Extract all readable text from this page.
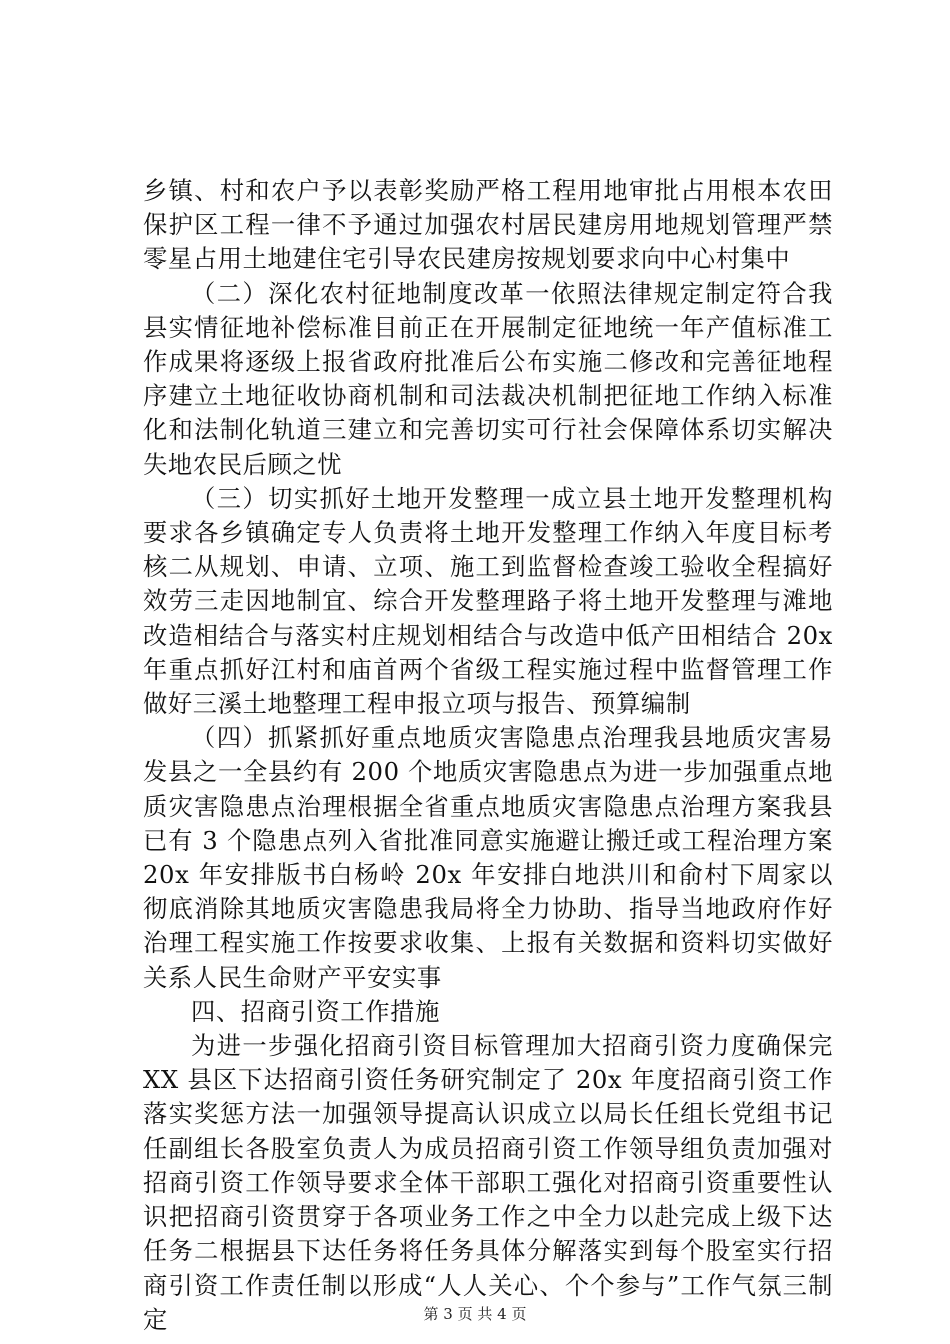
乡镇、村和农户予以表彰奖励严格工程用地审批占用根本农田保护区工程一律不予通过加强农村居民建房用地规划管理严禁零星占用土地建住宅引导农民建房按规划要求向中心村集中

（二）深化农村征地制度改革一依照法律规定制定符合我县实情征地补偿标准目前正在开展制定征地统一年产值标准工作成果将逐级上报省政府批准后公布实施二修改和完善征地程序建立土地征收协商机制和司法裁决机制把征地工作纳入标准化和法制化轨道三建立和完善切实可行社会保障体系切实解决失地农民后顾之忧

（三）切实抓好土地开发整理一成立县土地开发整理机构要求各乡镇确定专人负责将土地开发整理工作纳入年度目标考核二从规划、申请、立项、施工到监督检查竣工验收全程搞好效劳三走因地制宜、综合开发整理路子将土地开发整理与滩地改造相结合与落实村庄规划相结合与改造中低产田相结合 20x 年重点抓好江村和庙首两个省级工程实施过程中监督管理工作做好三溪土地整理工程申报立项与报告、预算编制

（四）抓紧抓好重点地质灾害隐患点治理我县地质灾害易发县之一全县约有 200 个地质灾害隐患点为进一步加强重点地质灾害隐患点治理根据全省重点地质灾害隐患点治理方案我县已有 3 个隐患点列入省批准同意实施避让搬迁或工程治理方案 20x 年安排版书白杨岭 20x 年安排白地洪川和俞村下周家以彻底消除其地质灾害隐患我局将全力协助、指导当地政府作好治理工程实施工作按要求收集、上报有关数据和资料切实做好关系人民生命财产平安实事

四、招商引资工作措施

为进一步强化招商引资目标管理加大招商引资力度确保完 XX 县区下达招商引资任务研究制定了 20x 年度招商引资工作落实奖惩方法一加强领导提高认识成立以局长任组长党组书记任副组长各股室负责人为成员招商引资工作领导组负责加强对招商引资工作领导要求全体干部职工强化对招商引资重要性认识把招商引资贯穿于各项业务工作之中全力以赴完成上级下达任务二根据县下达任务将任务具体分解落实到每个股室实行招商引资工作责任制以形成“人人关心、个个参与”工作气氛三制定	第 3 页 共 4 页
